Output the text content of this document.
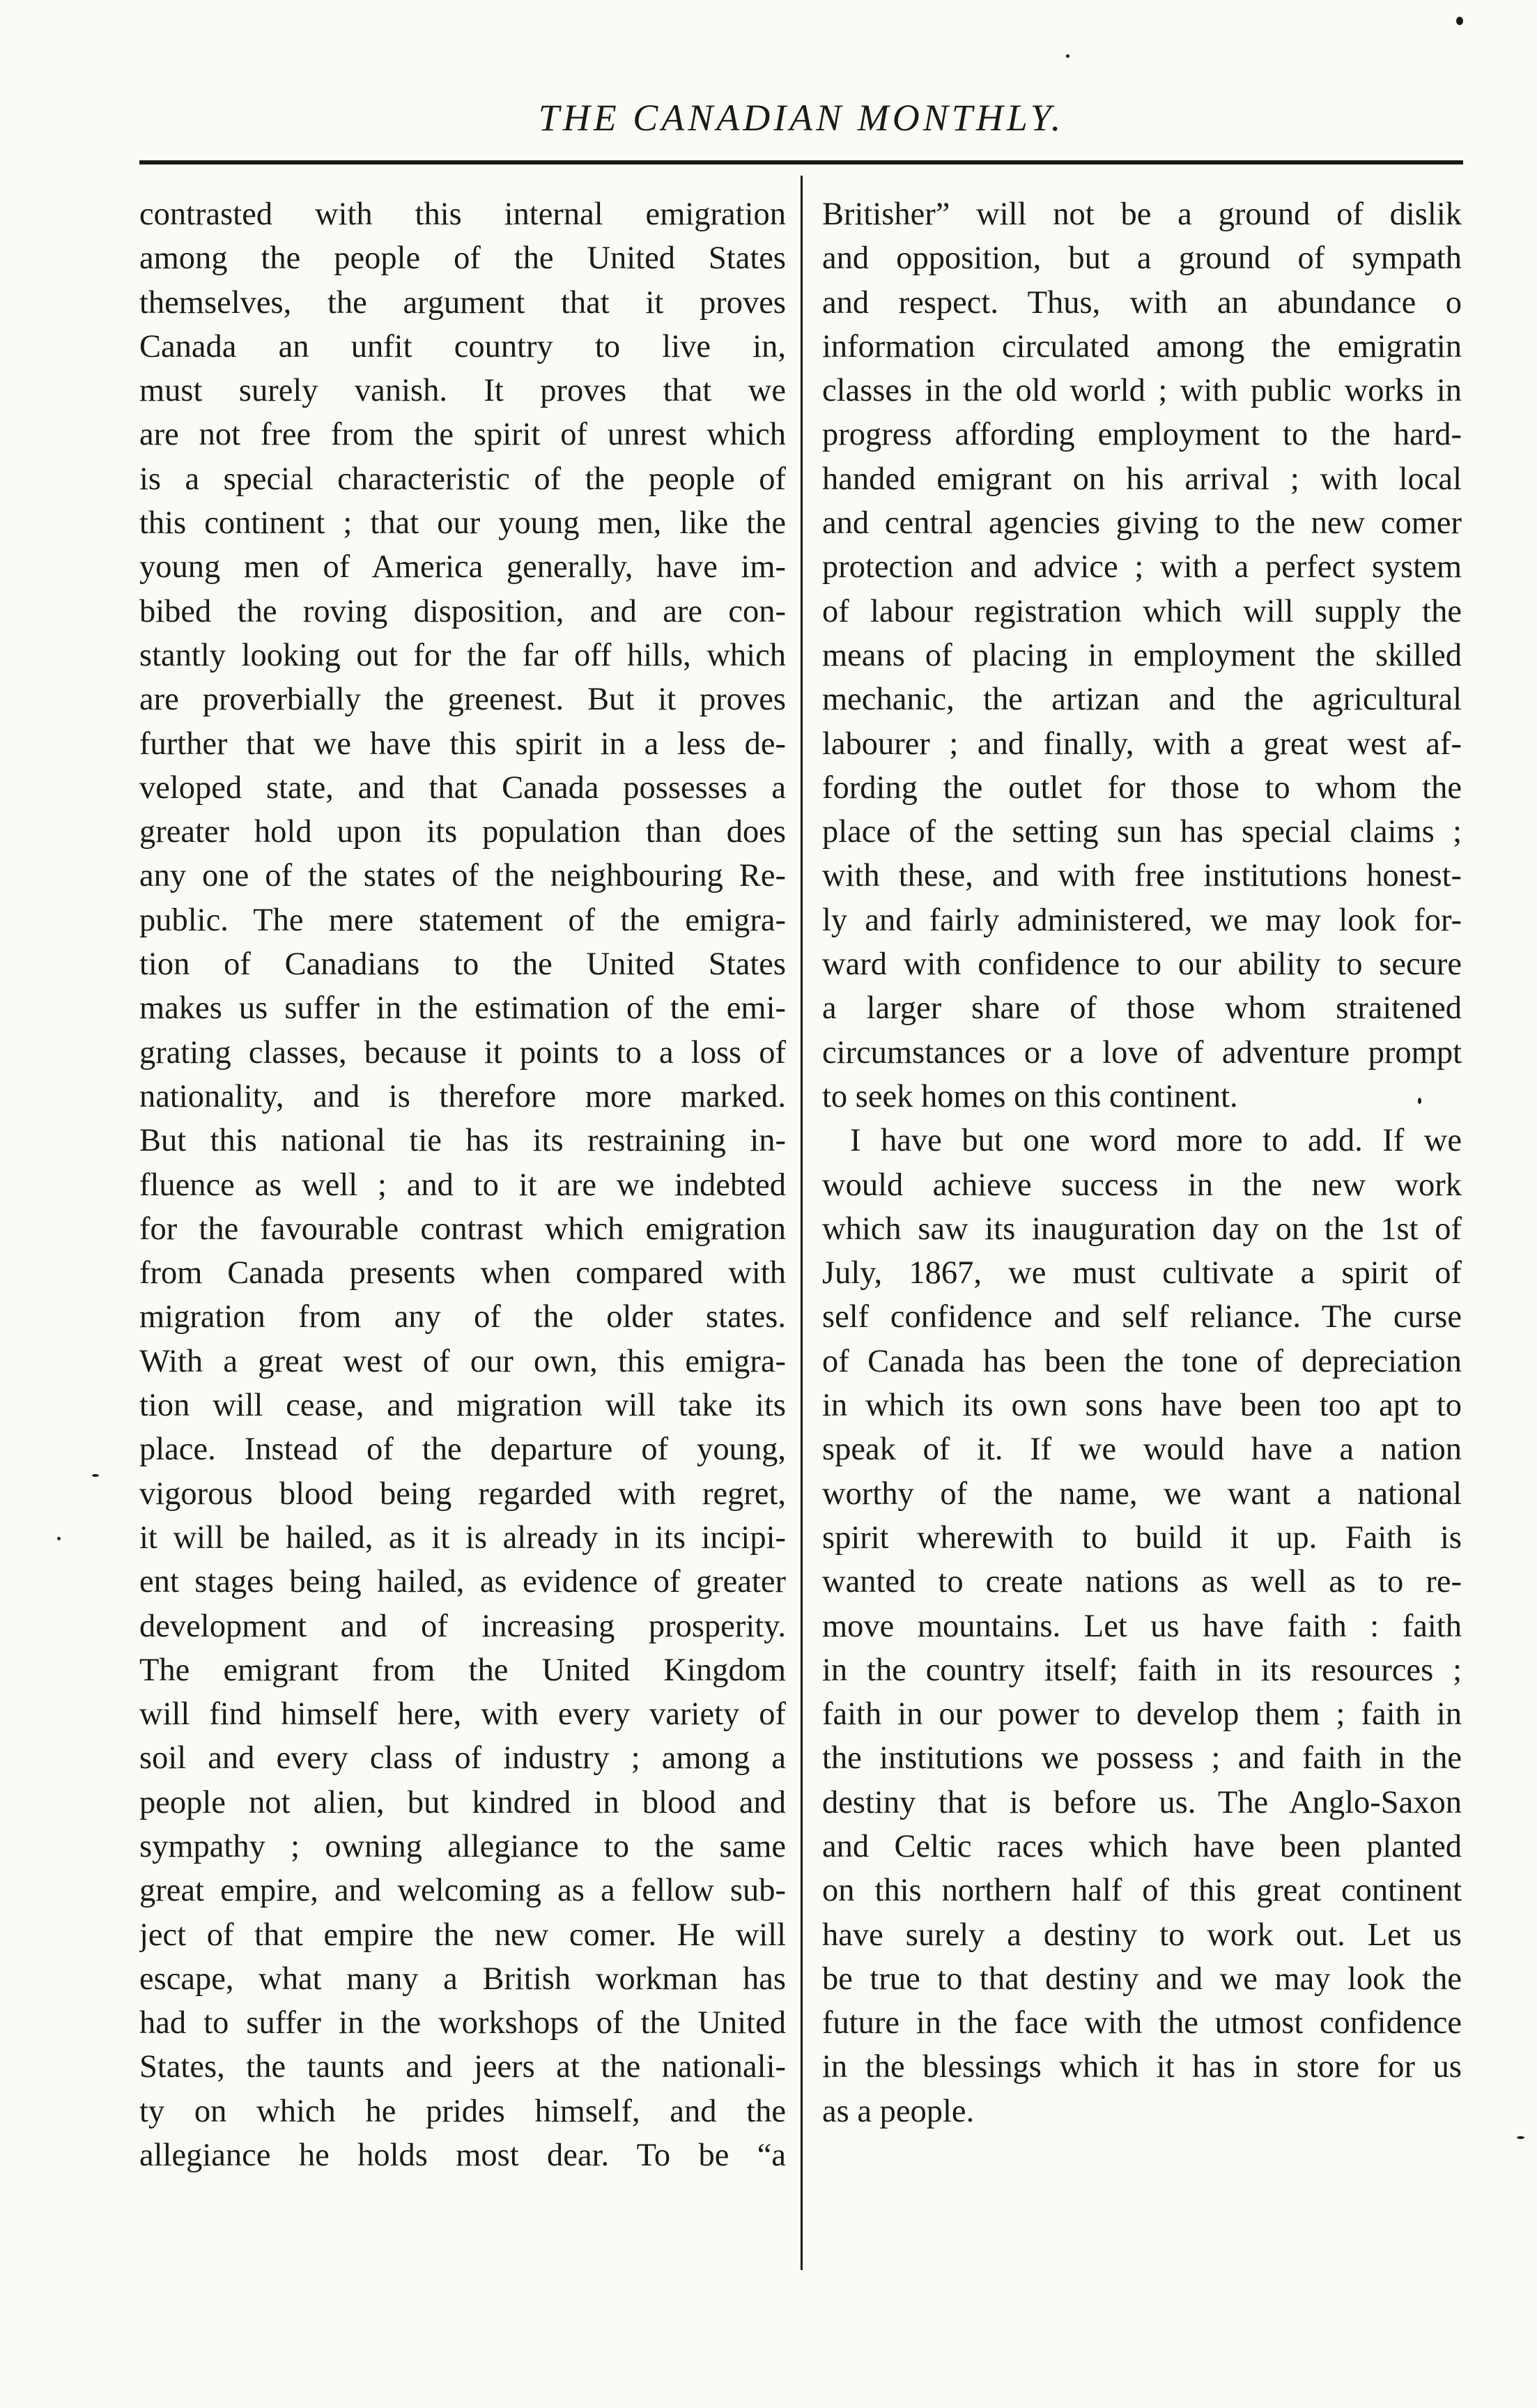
THE CANADIAN MONTHLY.
contrasted with this internal emigration
among the people of the United States
themselves, the argument that it proves
Canada an unfit country to live in,
must surely vanish. It proves that we
are not free from the spirit of unrest which
is a special characteristic of the people of
this continent ; that our young men, like the
young men of America generally, have im-
bibed the roving disposition, and are con-
stantly looking out for the far off hills, which
are proverbially the greenest. But it proves
further that we have this spirit in a less de-
veloped state, and that Canada possesses a
greater hold upon its population than does
any one of the states of the neighbouring Re-
public. The mere statement of the emigra-
tion of Canadians to the United States
makes us suffer in the estimation of the emi-
grating classes, because it points to a loss of
nationality, and is therefore more marked.
But this national tie has its restraining in-
fluence as well ; and to it are we indebted
for the favourable contrast which emigration
from Canada presents when compared with
migration from any of the older states.
With a great west of our own, this emigra-
tion will cease, and migration will take its
place. Instead of the departure of young,
vigorous blood being regarded with regret,
it will be hailed, as it is already in its incipi-
ent stages being hailed, as evidence of greater
development and of increasing prosperity.
The emigrant from the United Kingdom
will find himself here, with every variety of
soil and every class of industry ; among a
people not alien, but kindred in blood and
sympathy ; owning allegiance to the same
great empire, and welcoming as a fellow sub-
ject of that empire the new comer. He will
escape, what many a British workman has
had to suffer in the workshops of the United
States, the taunts and jeers at the nationali-
ty on which he prides himself, and the
allegiance he holds most dear. To be “a
Britisher” will not be a ground of dislik
and opposition, but a ground of sympath
and respect. Thus, with an abundance o
information circulated among the emigratin
classes in the old world ; with public works in
progress affording employment to the hard-
handed emigrant on his arrival ; with local
and central agencies giving to the new comer
protection and advice ; with a perfect system
of labour registration which will supply the
means of placing in employment the skilled
mechanic, the artizan and the agricultural
labourer ; and finally, with a great west af-
fording the outlet for those to whom the
place of the setting sun has special claims ;
with these, and with free institutions honest-
ly and fairly administered, we may look for-
ward with confidence to our ability to secure
a larger share of those whom straitened
circumstances or a love of adventure prompt
to seek homes on this continent.
I have but one word more to add. If we
would achieve success in the new work
which saw its inauguration day on the 1st of
July, 1867, we must cultivate a spirit of
self confidence and self reliance. The curse
of Canada has been the tone of depreciation
in which its own sons have been too apt to
speak of it. If we would have a nation
worthy of the name, we want a national
spirit wherewith to build it up. Faith is
wanted to create nations as well as to re-
move mountains. Let us have faith : faith
in the country itself; faith in its resources ;
faith in our power to develop them ; faith in
the institutions we possess ; and faith in the
destiny that is before us. The Anglo-Saxon
and Celtic races which have been planted
on this northern half of this great continent
have surely a destiny to work out. Let us
be true to that destiny and we may look the
future in the face with the utmost confidence
in the blessings which it has in store for us
as a people.
